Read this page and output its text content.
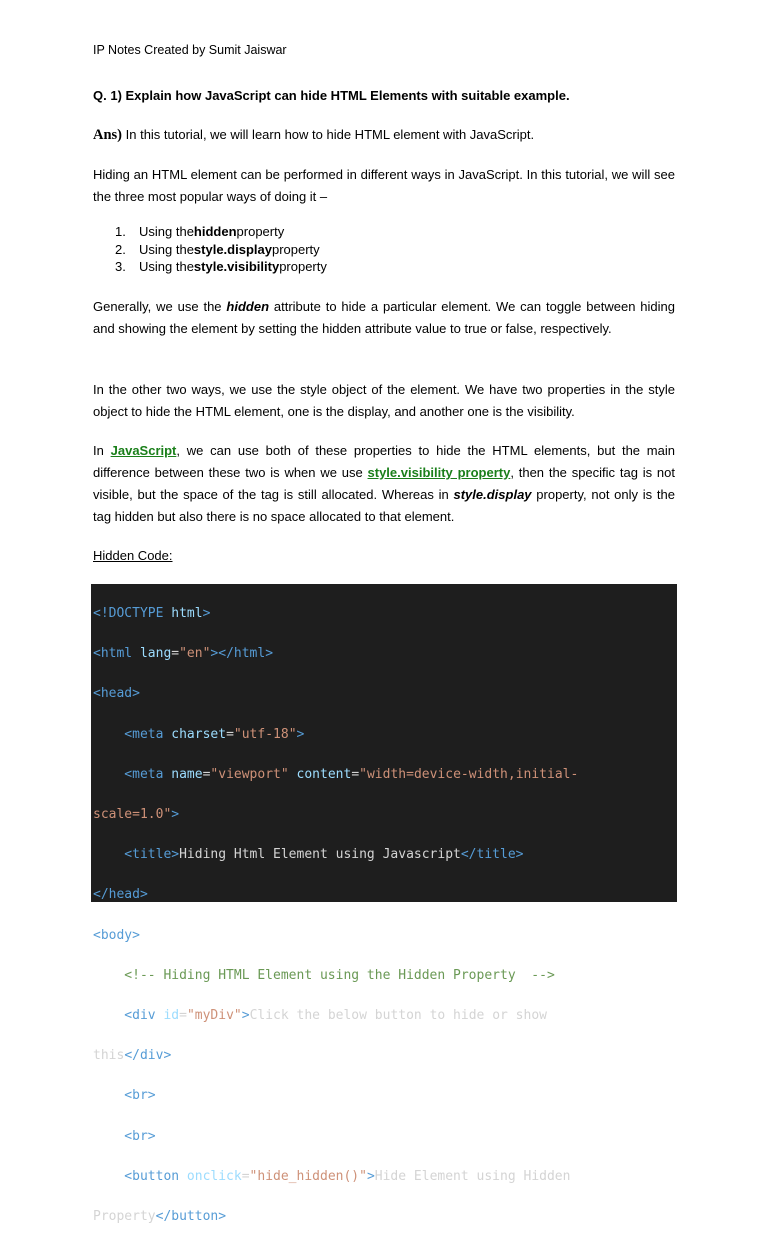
IP Notes Created by Sumit Jaiswar
Q. 1) Explain how JavaScript can hide HTML Elements with suitable example.
Ans) In this tutorial, we will learn how to hide HTML element with JavaScript.
Hiding an HTML element can be performed in different ways in JavaScript. In this tutorial, we will see the three most popular ways of doing it –
1.	Using the hidden property
2.	Using the style.display property
3.	Using the style.visibility property
Generally, we use the hidden attribute to hide a particular element. We can toggle between hiding and showing the element by setting the hidden attribute value to true or false, respectively.
In the other two ways, we use the style object of the element. We have two properties in the style object to hide the HTML element, one is the display, and another one is the visibility.
In JavaScript, we can use both of these properties to hide the HTML elements, but the main difference between these two is when we use style.visibility property, then the specific tag is not visible, but the space of the tag is still allocated. Whereas in style.display property, not only is the tag hidden but also there is no space allocated to that element.
Hidden Code:

<!DOCTYPE html>

<html lang="en"></html>

<head>

<meta charset="utf-18">

<meta name="viewport" content="width=device-width,initial-

scale=1.0">

<title>Hiding Html Element using Javascript</title>

</head>

<body>

<!-- Hiding HTML Element using the Hidden Property  -->

<div id="myDiv">Click the below button to hide or show

this</div>

<br>

<br>

<button onclick="hide_hidden()">Hide Element using Hidden

Property</button>
